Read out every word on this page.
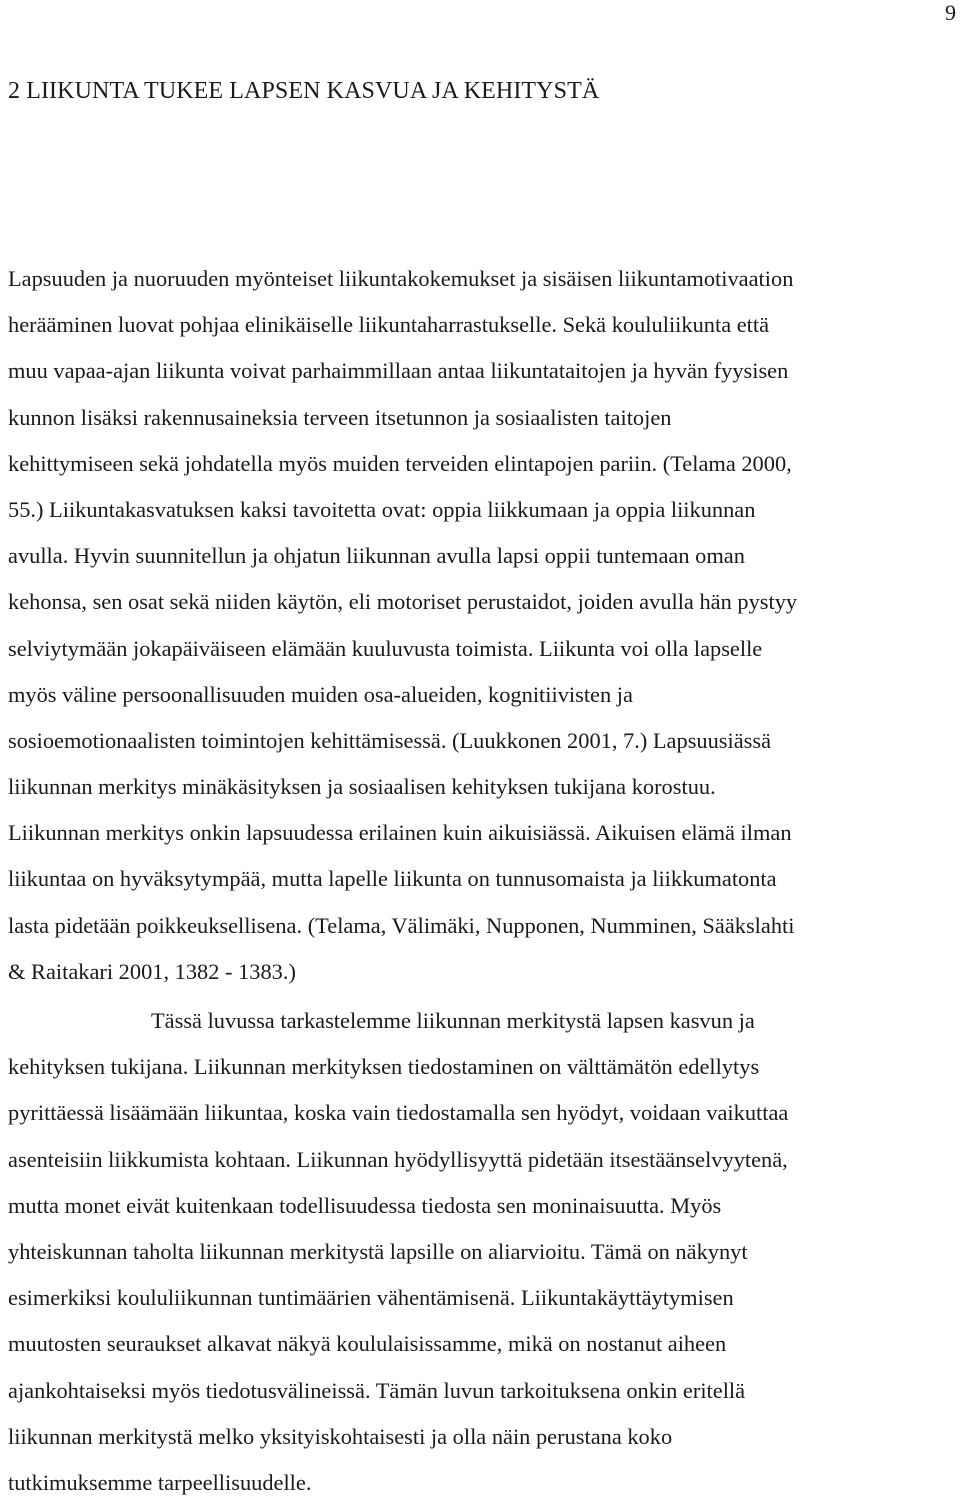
9
2 LIIKUNTA TUKEE LAPSEN KASVUA JA KEHITYSTÄ
Lapsuuden ja nuoruuden myönteiset liikuntakokemukset ja sisäisen liikuntamotivaation
herääminen luovat pohjaa elinikäiselle liikuntaharrastukselle. Sekä koululiikunta että
muu vapaa-ajan liikunta voivat parhaimmillaan antaa liikuntataitojen ja hyvän fyysisen
kunnon lisäksi rakennusaineksia terveen itsetunnon ja sosiaalisten taitojen
kehittymiseen sekä johdatella myös muiden terveiden elintapojen pariin. (Telama 2000,
55.) Liikuntakasvatuksen kaksi tavoitetta ovat: oppia liikkumaan ja oppia liikunnan
avulla. Hyvin suunnitellun ja ohjatun liikunnan avulla lapsi oppii tuntemaan oman
kehonsa, sen osat sekä niiden käytön, eli motoriset perustaidot, joiden avulla hän pystyy
selviytymään jokapäiväiseen elämään kuuluvusta toimista. Liikunta voi olla lapselle
myös väline persoonallisuuden muiden osa-alueiden, kognitiivisten ja
sosioemotionaalisten toimintojen kehittämisessä. (Luukkonen 2001, 7.) Lapsuusiässä
liikunnan merkitys minäkäsityksen ja sosiaalisen kehityksen tukijana korostuu.
Liikunnan merkitys onkin lapsuudessa erilainen kuin aikuisiässä. Aikuisen elämä ilman
liikuntaa on hyväksytympää, mutta lapelle liikunta on tunnusomaista ja liikkumatonta
lasta pidetään poikkeuksellisena. (Telama, Välimäki, Nupponen, Numminen, Sääkslahti
& Raitakari 2001, 1382 - 1383.)
Tässä luvussa tarkastelemme liikunnan merkitystä lapsen kasvun ja
kehityksen tukijana. Liikunnan merkityksen tiedostaminen on välttämätön edellytys
pyrittäessä lisäämään liikuntaa, koska vain tiedostamalla sen hyödyt, voidaan vaikuttaa
asenteisiin liikkumista kohtaan. Liikunnan hyödyllisyyttä pidetään itsestäänselvyytenä,
mutta monet eivät kuitenkaan todellisuudessa tiedosta sen moninaisuutta. Myös
yhteiskunnan taholta liikunnan merkitystä lapsille on aliarvioitu. Tämä on näkynyt
esimerkiksi koululiikunnan tuntimäärien vähentämisenä. Liikuntakäyttäytymisen
muutosten seuraukset alkavat näkyä koululaisissamme, mikä on nostanut aiheen
ajankohtaiseksi myös tiedotusvälineissä. Tämän luvun tarkoituksena onkin eritellä
liikunnan merkitystä melko yksityiskohtaisesti ja olla näin perustana koko
tutkimuksemme tarpeellisuudelle.
